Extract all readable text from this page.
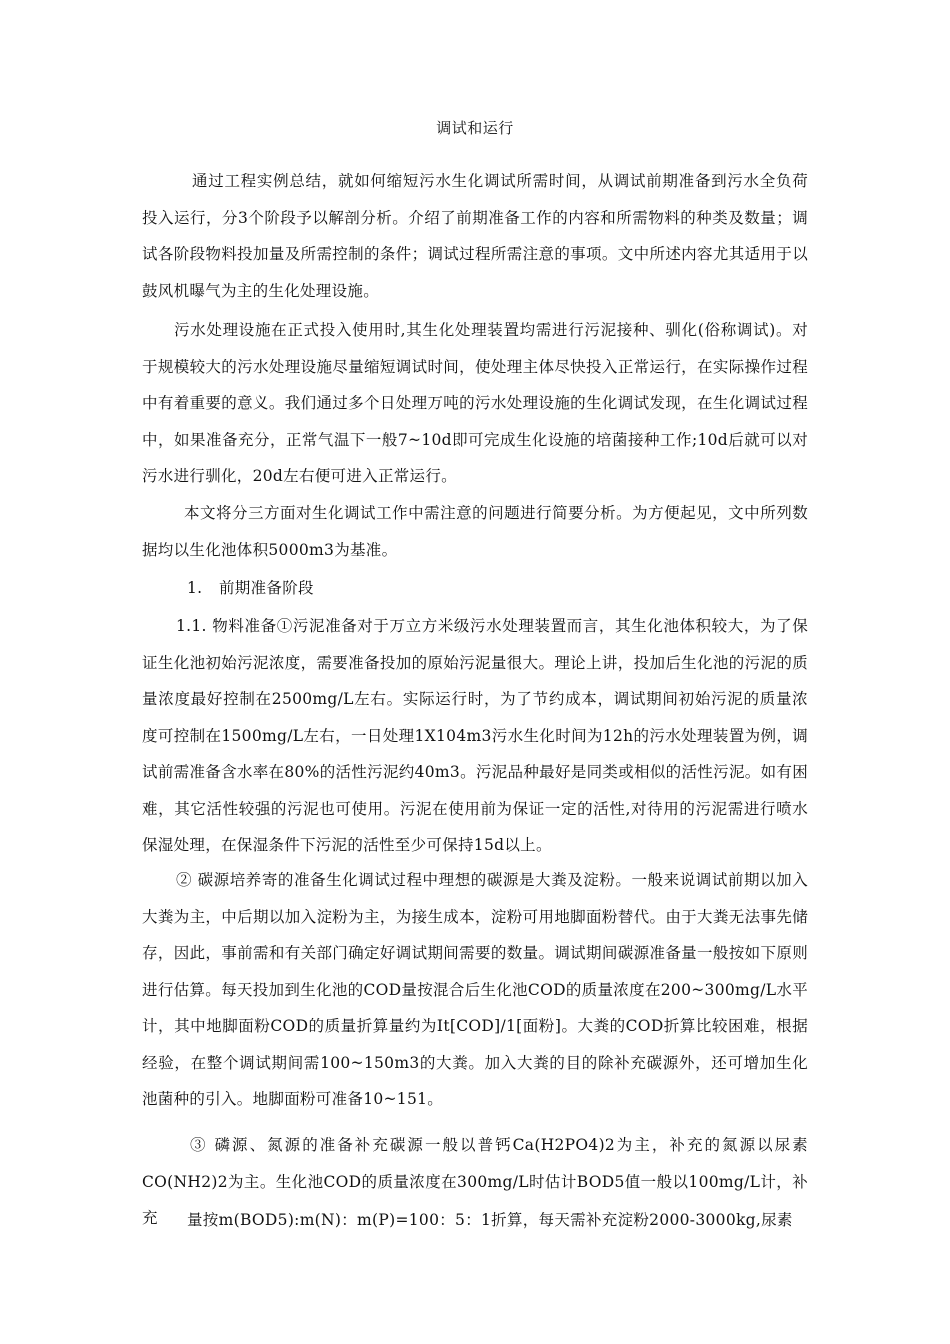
调试和运行

通过工程实例总结，就如何缩短污水生化调试所需时间，从调试前期准备到污水全负荷投入运行，分3个阶段予以解剖分析。介绍了前期准备工作的内容和所需物料的种类及数量；调试各阶段物料投加量及所需控制的条件；调试过程所需注意的事项。文中所述内容尤其适用于以鼓风机曝气为主的生化处理设施。

污水处理设施在正式投入使用时,其生化处理装置均需进行污泥接种、驯化(俗称调试)。对于规模较大的污水处理设施尽量缩短调试时间，使处理主体尽快投入正常运行，在实际操作过程中有着重要的意义。我们通过多个日处理万吨的污水处理设施的生化调试发现，在生化调试过程中，如果准备充分，正常气温下一般7~10d即可完成生化设施的培菌接种工作;10d后就可以对污水进行驯化，20d左右便可进入正常运行。

本文将分三方面对生化调试工作中需注意的问题进行简要分析。为方便起见，文中所列数据均以生化池体积5000m3为基准。

1. 前期准备阶段

1.1. 物料准备①污泥准备对于万立方米级污水处理装置而言，其生化池体积较大，为了保证生化池初始污泥浓度，需要准备投加的原始污泥量很大。理论上讲，投加后生化池的污泥的质量浓度最好控制在2500mg/L左右。实际运行时，为了节约成本，调试期间初始污泥的质量浓度可控制在1500mg/L左右，一日处理1X104m3污水生化时间为12h的污水处理装置为例，调试前需准备含水率在80%的活性污泥约40m3。污泥品种最好是同类或相似的活性污泥。如有困难，其它活性较强的污泥也可使用。污泥在使用前为保证一定的活性,对待用的污泥需进行喷水保湿处理，在保湿条件下污泥的活性至少可保持15d以上。

② 碳源培养寄的准备生化调试过程中理想的碳源是大粪及淀粉。一般来说调试前期以加入大粪为主，中后期以加入淀粉为主，为接生成本，淀粉可用地脚面粉替代。由于大粪无法事先储存，因此，事前需和有关部门确定好调试期间需要的数量。调试期间碳源准备量一般按如下原则进行估算。每天投加到生化池的COD量按混合后生化池COD的质量浓度在200~300mg/L水平计，其中地脚面粉COD的质量折算量约为It[COD]/1[面粉]。大粪的COD折算比较困难，根据经验，在整个调试期间需100~150m3的大粪。加入大粪的目的除补充碳源外，还可增加生化池菌种的引入。地脚面粉可准备10~151。

③ 磷源、氮源的准备补充碳源一般以普钙Ca(H2PO4)2为主，补充的氮源以尿素CO(NH2)2为主。生化池COD的质量浓度在300mg/L时估计BOD5值一般以100mg/L计，补充	量按m(BOD5):m(N)：m(P)=100：5：1折算，每天需补充淀粉2000-3000kg,尿素
